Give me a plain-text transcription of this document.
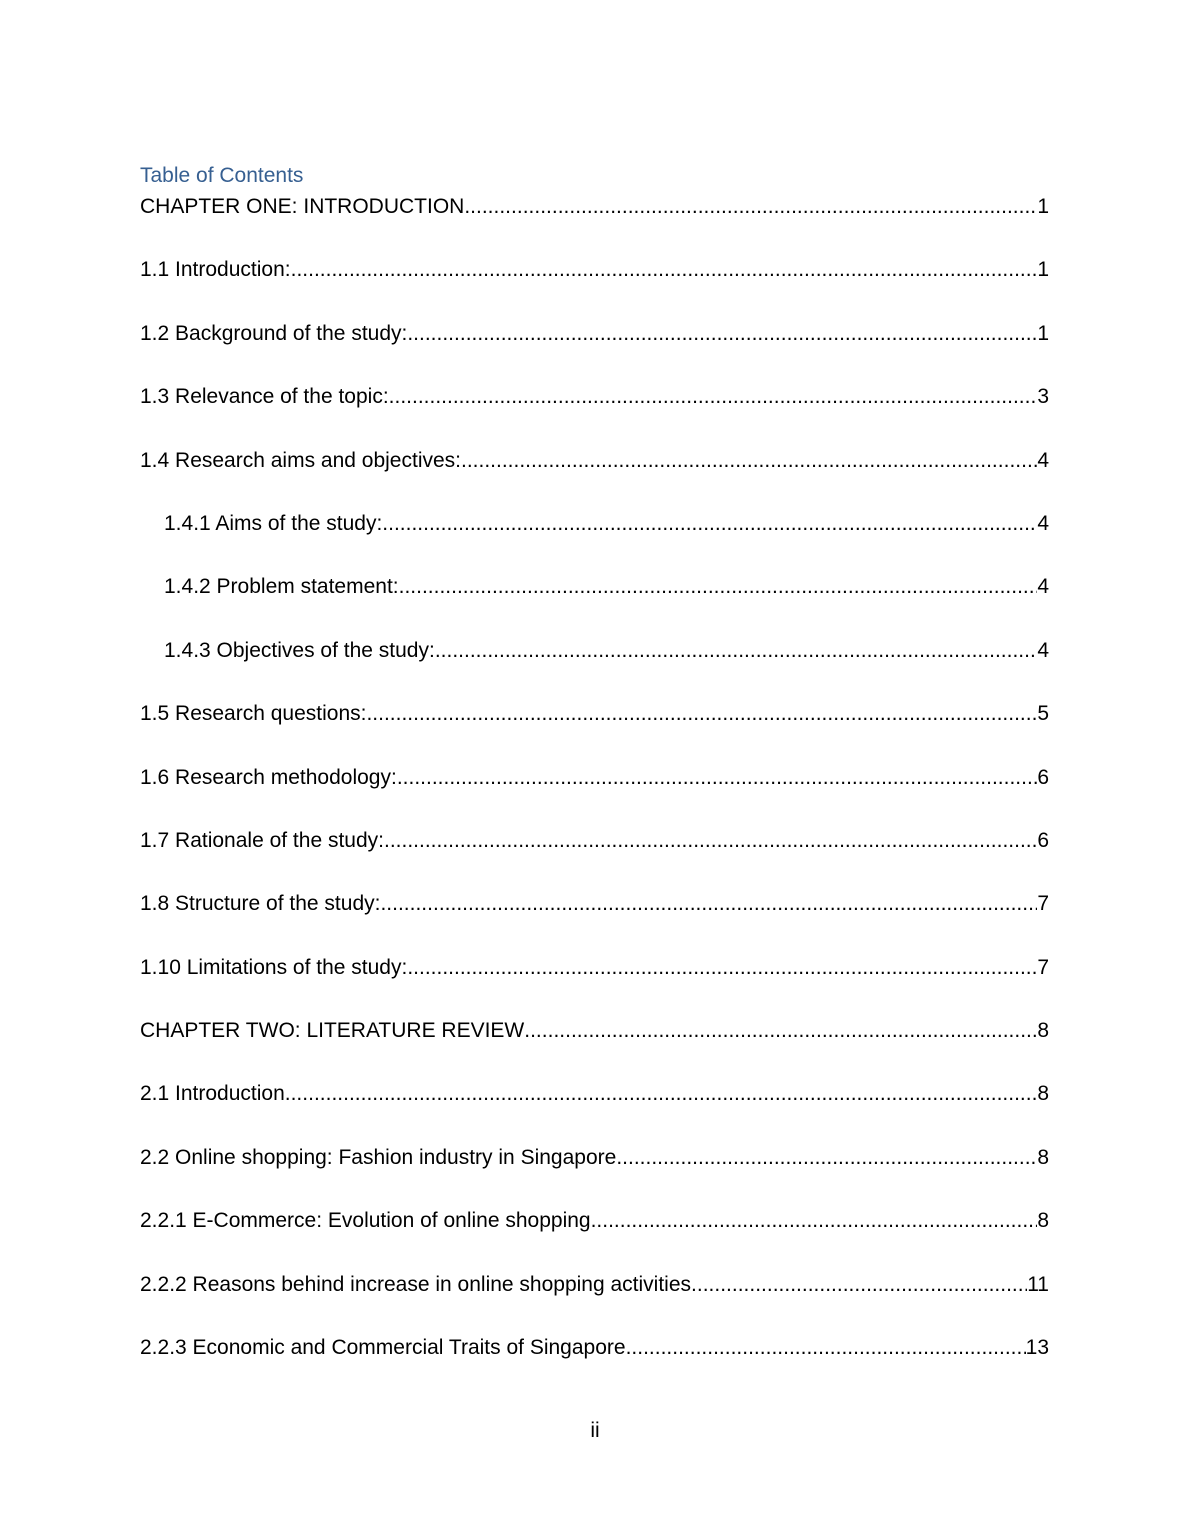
Table of Contents
CHAPTER ONE: INTRODUCTION .....	1
1.1 Introduction: .....	1
1.2 Background of the study: .....	1
1.3 Relevance of the topic: .....	3
1.4 Research aims and objectives: .....	4
1.4.1 Aims of the study: .....	4
1.4.2 Problem statement: .....	4
1.4.3 Objectives of the study: .....	4
1.5 Research questions: .....	5
1.6 Research methodology: .....	6
1.7 Rationale of the study: .....	6
1.8 Structure of the study: .....	7
1.10 Limitations of the study: .....	7
CHAPTER TWO: LITERATURE REVIEW .....	8
2.1 Introduction .....	8
2.2 Online shopping: Fashion industry in Singapore .....	8
2.2.1 E-Commerce: Evolution of online shopping .....	8
2.2.2 Reasons behind increase in online shopping activities .....	11
2.2.3 Economic and Commercial Traits of Singapore .....	13
ii
